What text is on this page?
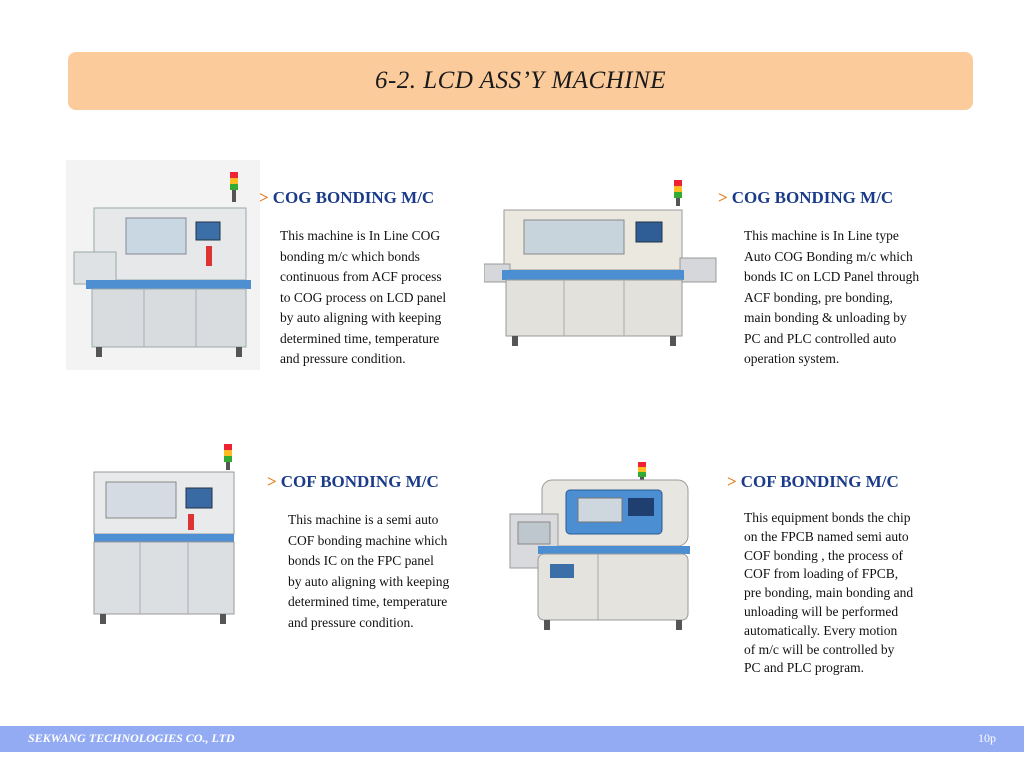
6-2. LCD ASS’Y MACHINE
> COG BONDING M/C
This machine is In Line COG
bonding m/c which bonds
continuous from ACF process
to COG process on LCD panel
by auto aligning with keeping
determined time, temperature
and pressure condition.
> COG BONDING M/C
This machine is In Line type
Auto COG Bonding m/c which
bonds IC on LCD Panel through
ACF bonding, pre bonding,
main bonding & unloading by
PC and PLC controlled auto
operation system.
> COF BONDING M/C
This machine is a semi auto
COF bonding machine which
bonds IC on the FPC panel
by auto aligning with keeping
determined time, temperature
and pressure condition.
> COF BONDING M/C
This equipment bonds the chip
on the FPCB named semi auto
COF bonding , the process of
COF from loading of FPCB,
pre bonding, main bonding and
unloading will be performed
automatically. Every motion
of m/c will be controlled by
PC and PLC program.
SEKWANG TECHNOLOGIES CO., LTD	10p
